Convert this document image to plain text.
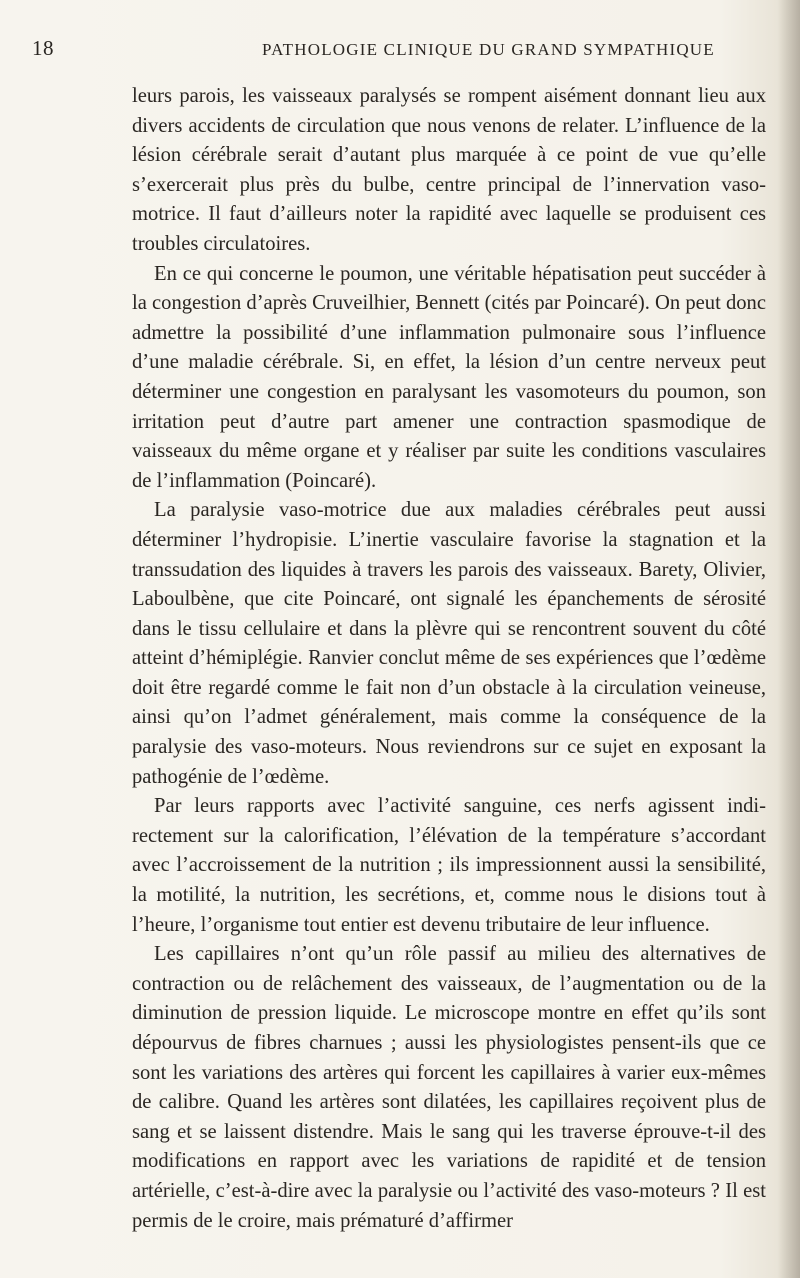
18	PATHOLOGIE CLINIQUE DU GRAND SYMPATHIQUE

leurs parois, les vaisseaux paralysés se rompent aisément donnant lieu aux divers accidents de circulation que nous venons de relater. L’influence de la lésion cérébrale serait d’autant plus marquée à ce point de vue qu’elle s’exercerait plus près du bulbe, centre principal de l’innervation vaso-motrice. Il faut d’ailleurs noter la rapidité avec laquelle se produisent ces troubles circulatoires.

En ce qui concerne le poumon, une véritable hépatisation peut succéder à la congestion d’après Cruveilhier, Bennett (cités par Poincaré). On peut donc admettre la possibilité d’une inflammation pulmonaire sous l’influence d’une maladie cérébrale. Si, en effet, la lésion d’un centre nerveux peut déterminer une congestion en paralysant les vasomoteurs du poumon, son irritation peut d’autre part amener une contraction spasmodique de vaisseaux du même organe et y réaliser par suite les conditions vasculaires de l’inflammation (Poincaré).

La paralysie vaso-motrice due aux maladies cérébrales peut aussi déterminer l’hydropisie. L’inertie vasculaire favorise la stagnation et la transsudation des liquides à travers les parois des vaisseaux. Barety, Olivier, Laboulbène, que cite Poincaré, ont signalé les épanchements de sérosité dans le tissu cellulaire et dans la plèvre qui se rencontrent souvent du côté atteint d’hémiplégie. Ranvier conclut même de ses expériences que l’œdème doit être regardé comme le fait non d’un obstacle à la circulation veineuse, ainsi qu’on l’admet généralement, mais comme la conséquence de la paralysie des vaso-moteurs. Nous reviendrons sur ce sujet en exposant la pathogénie de l’œdème.

Par leurs rapports avec l’activité sanguine, ces nerfs agissent indirectement sur la calorification, l’élévation de la température s’accordant avec l’accroissement de la nutrition ; ils impressionnent aussi la sensibilité, la motilité, la nutrition, les secrétions, et, comme nous le disions tout à l’heure, l’organisme tout entier est devenu tributaire de leur influence.

Les capillaires n’ont qu’un rôle passif au milieu des alternatives de contraction ou de relâchement des vaisseaux, de l’augmentation ou de la diminution de pression liquide. Le microscope montre en effet qu’ils sont dépourvus de fibres charnues ; aussi les physiologistes pensent-ils que ce sont les variations des artères qui forcent les capillaires à varier eux-mêmes de calibre. Quand les artères sont dilatées, les capillaires reçoivent plus de sang et se laissent distendre. Mais le sang qui les traverse éprouve-t-il des modifications en rapport avec les variations de rapidité et de tension artérielle, c’est-à-dire avec la paralysie ou l’activité des vaso-moteurs ? Il est permis de le croire, mais prématuré d’affirmer
